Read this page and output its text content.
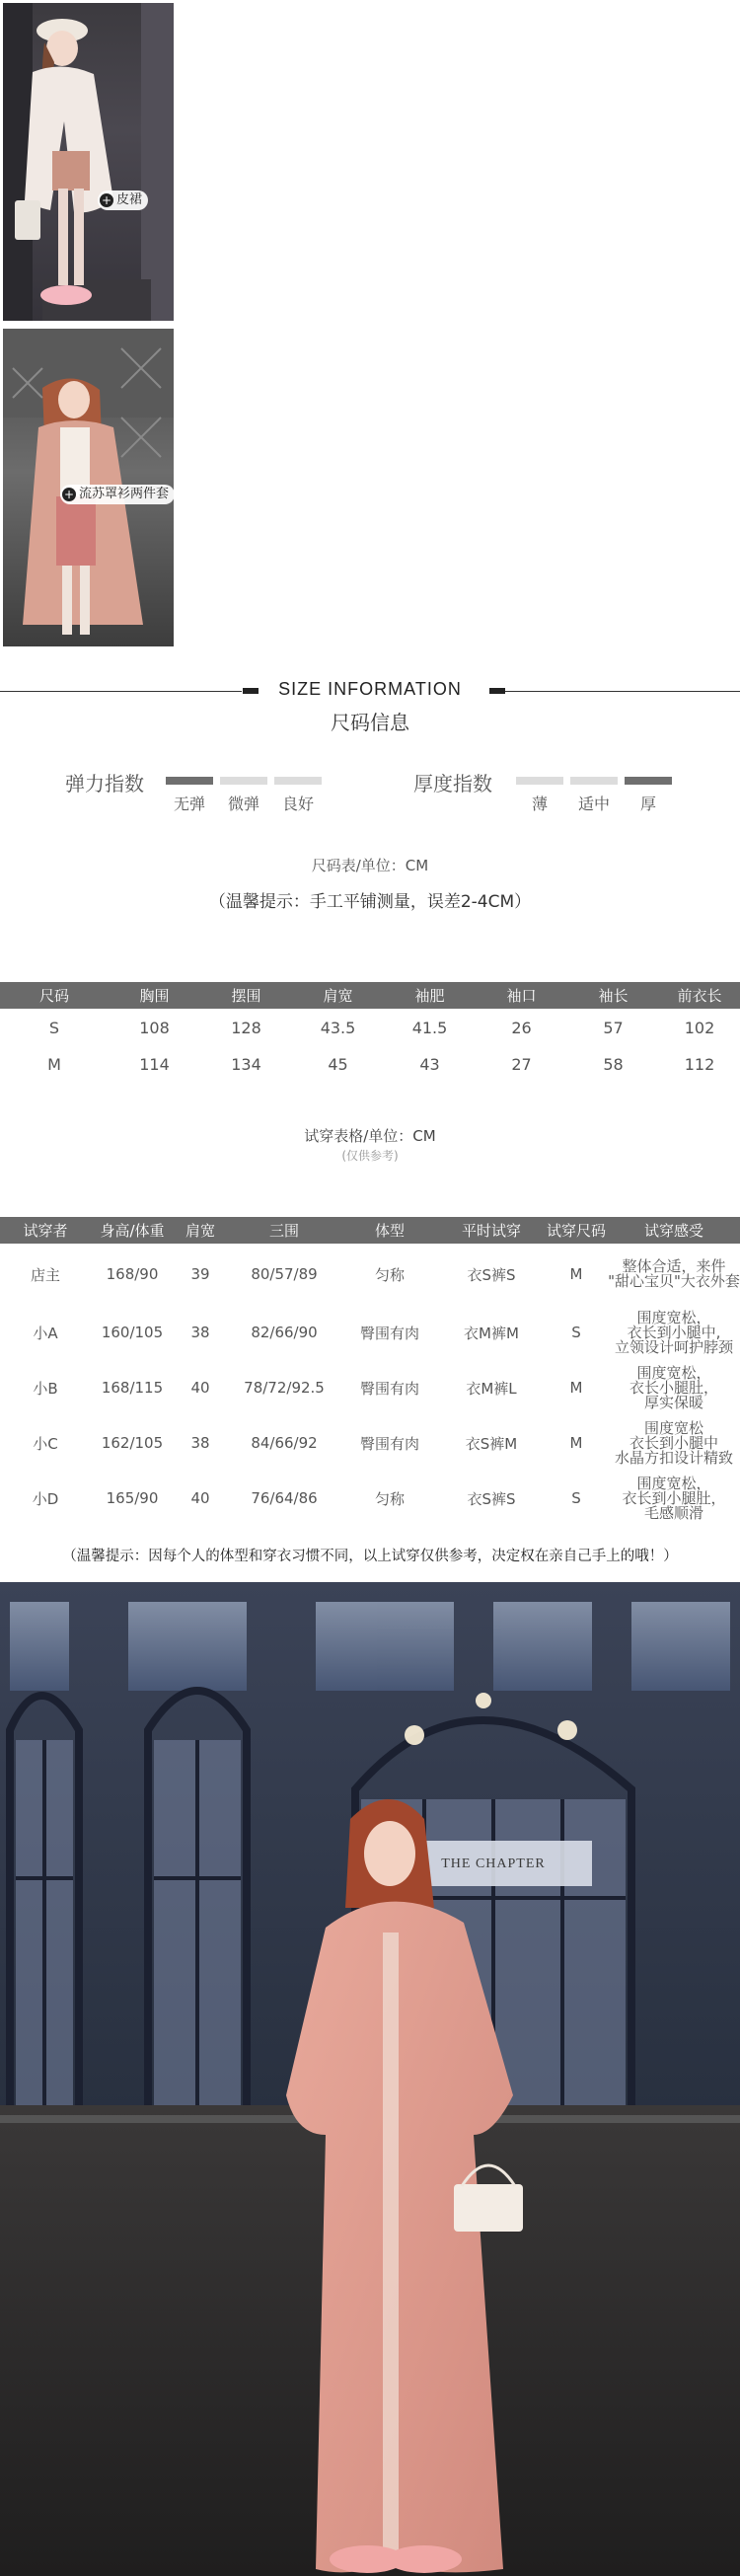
+ 皮裙
+ 流苏罩衫两件套
SIZE INFORMATION
尺码信息
弹力指数
无弹	微弹	良好
厚度指数
薄	适中	厚
尺码表/单位：CM
（温馨提示：手工平铺测量，误差2-4CM）
尺码	胸围	摆围	肩宽	袖肥	袖口	袖长	前衣长
S	108	128	43.5	41.5	26	57	102
M	114	134	45	43	27	58	112
试穿表格/单位：CM
(仅供参考)
试穿者	身高/体重	肩宽	三围	体型	平时试穿	试穿尺码	试穿感受
店主	168/90	39	80/57/89	匀称	衣S裤S	M	整体合适，来件
"甜心宝贝"大衣外套

小A	160/105	38	82/66/90	臀围有肉	衣M裤M	S	围度宽松，
衣长到小腿中,
立领设计呵护脖颈

小B	168/115	40	78/72/92.5	臀围有肉	衣M裤L	M	围度宽松，
衣长小腿肚，
厚实保暖

小C	162/105	38	84/66/92	臀围有肉	衣S裤M	M	围度宽松
衣长到小腿中
水晶方扣设计精致

小D	165/90	40	76/64/86	匀称	衣S裤S	S	围度宽松，
衣长到小腿肚，
毛感顺滑
（温馨提示：因每个人的体型和穿衣习惯不同，以上试穿仅供参考，决定权在亲自己手上的哦！）
THE CHAPTER
